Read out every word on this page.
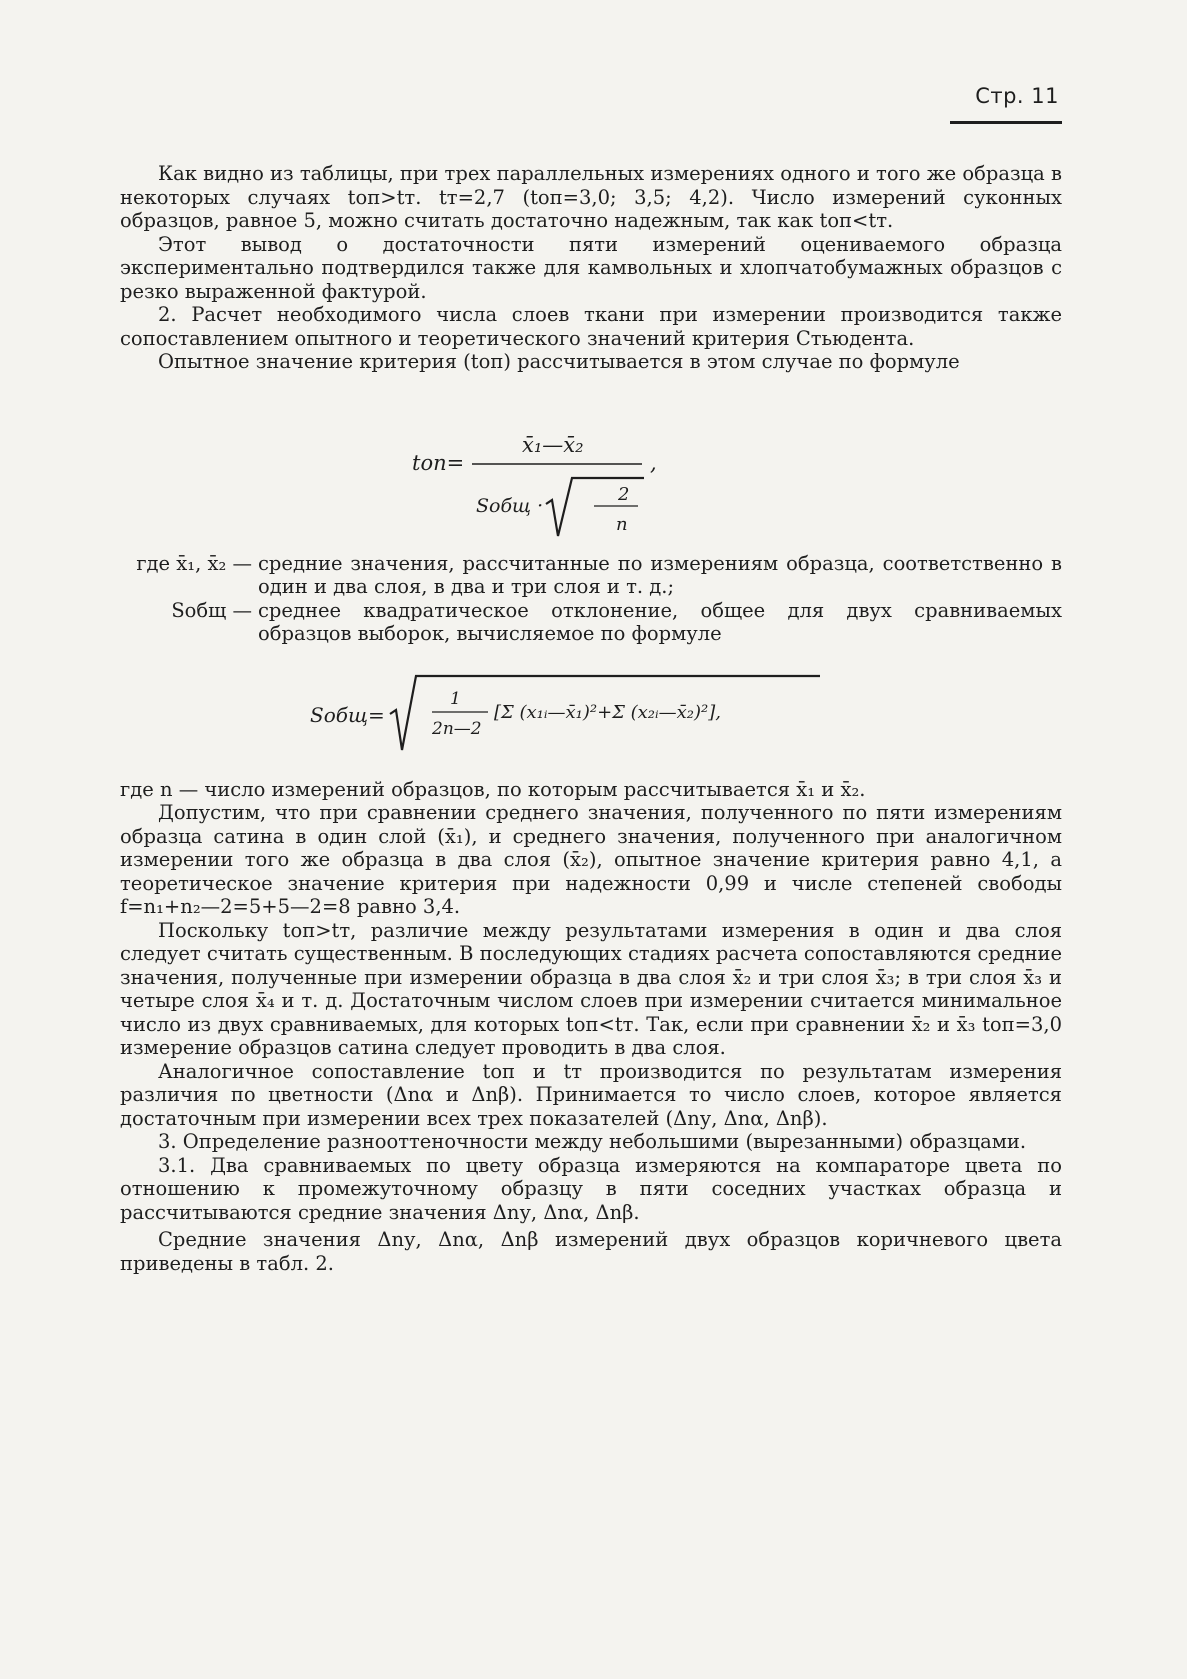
Стр. 11

Как видно из таблицы, при трех параллельных измерениях одного и того же образца в некоторых случаях tоп>tт. tт=2,7 (tоп=3,0; 3,5; 4,2). Число измерений суконных образцов, равное 5, можно считать достаточно надежным, так как tоп<tт.

Этот вывод о достаточности пяти измерений оцениваемого образца экспериментально подтвердился также для камвольных и хлопчатобумажных образцов с резко выраженной фактурой.

2. Расчет необходимого числа слоев ткани при измерении производится также сопоставлением опытного и теоретического значений критерия Стьюдента.

Опытное значение критерия (tоп) рассчитывается в этом случае по формуле

tоп=
x̄₁—x̄₂
,
Sобщ ·
2
n
где x̄₁, x̄₂ — средние значения, рассчитанные по измерениям образца, соответственно в один и два слоя, в два и три слоя и т. д.;
Sобщ — среднее квадратическое отклонение, общее для двух сравниваемых образцов выборок, вычисляемое по формуле
Sобщ=
1
2n—2
[Σ (x₁ᵢ—x̄₁)²+Σ (x₂ᵢ—x̄₂)²],

где n — число измерений образцов, по которым рассчитывается x̄₁ и x̄₂.

Допустим, что при сравнении среднего значения, полученного по пяти измерениям образца сатина в один слой (x̄₁), и среднего значения, полученного при аналогичном измерении того же образца в два слоя (x̄₂), опытное значение критерия равно 4,1, а теоретическое значение критерия при надежности 0,99 и числе степеней свободы f=n₁+n₂—2=5+5—2=8 равно 3,4.

Поскольку tоп>tт, различие между результатами измерения в один и два слоя следует считать существенным. В последующих стадиях расчета сопоставляются средние значения, полученные при измерении образца в два слоя x̄₂ и три слоя x̄₃; в три слоя x̄₃ и четыре слоя x̄₄ и т. д. Достаточным числом слоев при измерении считается минимальное число из двух сравниваемых, для которых tоп<tт. Так, если при сравнении x̄₂ и x̄₃ tоп=3,0 измерение образцов сатина следует проводить в два слоя.

Аналогичное сопоставление tоп и tт производится по результатам измерения различия по цветности (Δnα и Δnβ). Принимается то число слоев, которое является достаточным при измерении всех трех показателей (Δnу, Δnα, Δnβ).

3. Определение разнооттеночности между небольшими (вырезанными) образцами.

3.1. Два сравниваемых по цвету образца измеряются на компараторе цвета по отношению к промежуточному образцу в пяти соседних участках образца и рассчитываются средние значения Δnу, Δnα, Δnβ.

Средние значения Δnу, Δnα, Δnβ измерений двух образцов коричневого цвета приведены в табл. 2.
